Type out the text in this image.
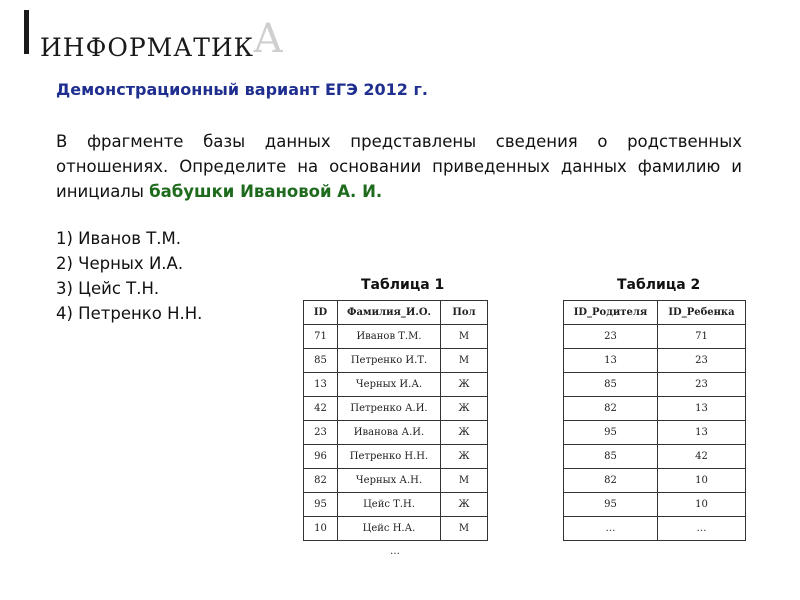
ИНФОРМАТИКА
Демонстрационный вариант ЕГЭ 2012 г.
В фрагменте базы данных представлены сведения о родственных отношениях. Определите на основании приведенных данных фамилию и инициалы бабушки Ивановой А. И.
1) Иванов Т.М.
2) Черных И.А.
3) Цейс Т.Н.
4) Петренко Н.Н.
Таблица 1	Таблица 2
ID	Фамилия_И.О.	Пол
71	Иванов Т.М.	М
85	Петренко И.Т.	М
13	Черных И.А.	Ж
42	Петренко А.И.	Ж
23	Иванова А.И.	Ж
96	Петренко Н.Н.	Ж
82	Черных А.Н.	М
95	Цейс Т.Н.	Ж
10	Цейс Н.А.	М
…
ID_Родителя	ID_Ребенка
23	71
13	23
85	23
82	13
95	13
85	42
82	10
95	10
…	…
